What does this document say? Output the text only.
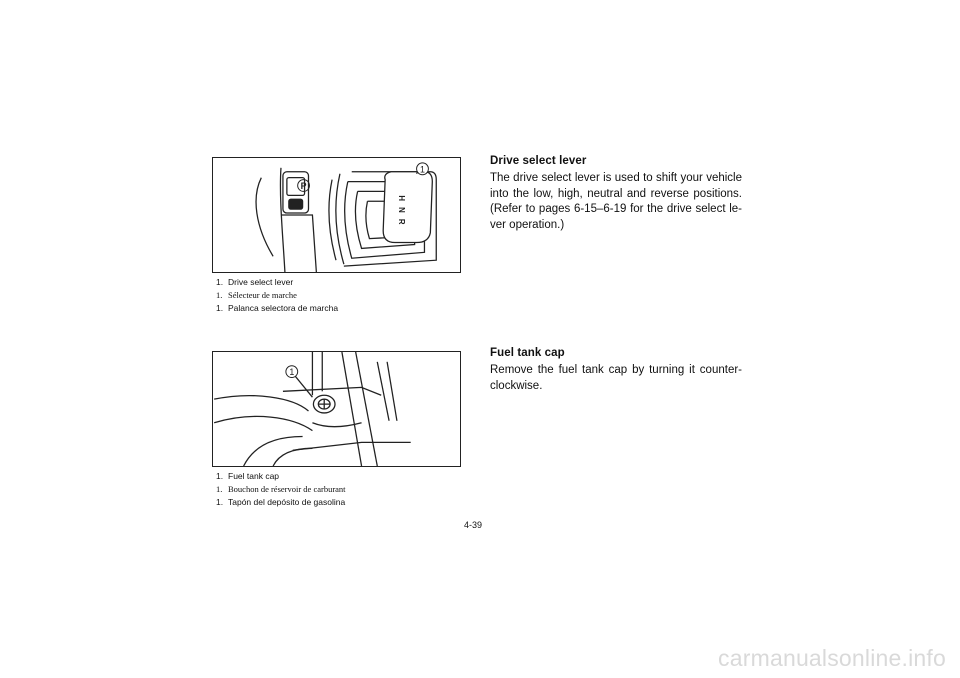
P
H
N
R
1
1. Drive select lever
1. Sélecteur de marche
1. Palanca selectora de marcha
1
1. Fuel tank cap
1. Bouchon de réservoir de carburant
1. Tapón del depósito de gasolina
Drive select lever

The drive select lever is used to shift your vehicle into the low, high, neutral and reverse positions. (Refer to pages 6-15–6-19 for the drive select le-ver operation.)

Fuel tank cap

Remove the fuel tank cap by turning it counter-clockwise.

4-39
carmanualsonline.info
